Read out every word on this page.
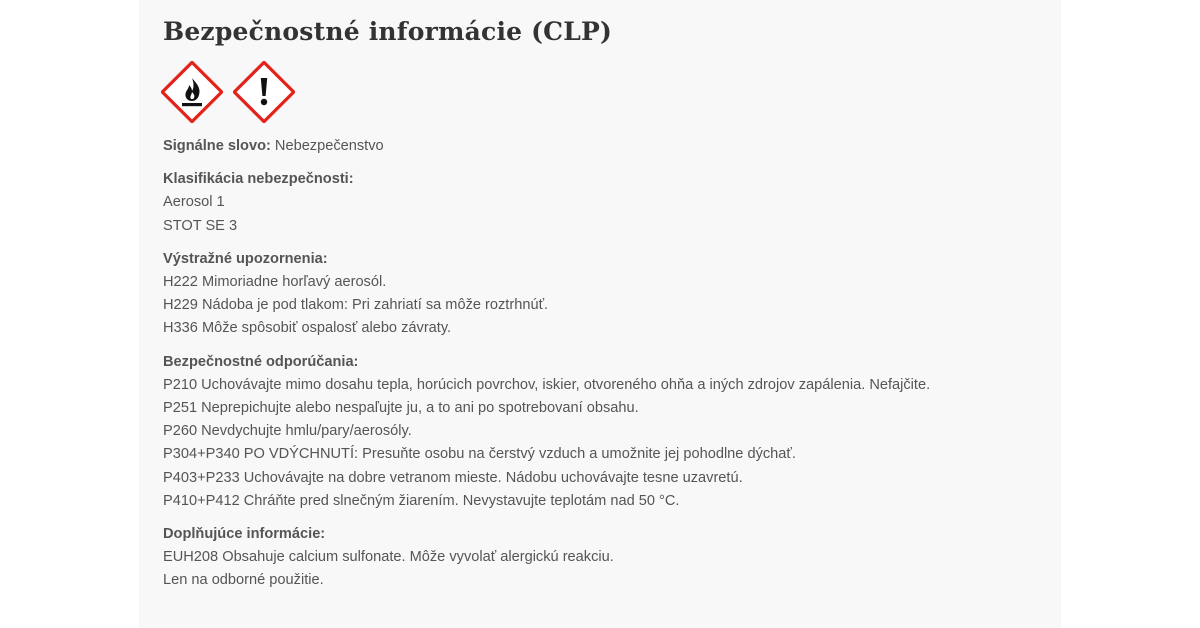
Bezpečnostné informácie (CLP)
Signálne slovo: Nebezpečenstvo
Klasifikácia nebezpečnosti:
Aerosol 1
STOT SE 3
Výstražné upozornenia:
H222 Mimoriadne horľavý aerosól.
H229 Nádoba je pod tlakom: Pri zahriatí sa môže roztrhnúť.
H336 Môže spôsobiť ospalosť alebo závraty.
Bezpečnostné odporúčania:
P210 Uchovávajte mimo dosahu tepla, horúcich povrchov, iskier, otvoreného ohňa a iných zdrojov zapálenia. Nefajčite.
P251 Neprepichujte alebo nespaľujte ju, a to ani po spotrebovaní obsahu.
P260 Nevdychujte hmlu/pary/aerosóly.
P304+P340 PO VDÝCHNUTÍ: Presuňte osobu na čerstvý vzduch a umožnite jej pohodlne dýchať.
P403+P233 Uchovávajte na dobre vetranom mieste. Nádobu uchovávajte tesne uzavretú.
P410+P412 Chráňte pred slnečným žiarením. Nevystavujte teplotám nad 50 °C.
Doplňujúce informácie:
EUH208 Obsahuje calcium sulfonate. Môže vyvolať alergickú reakciu.
Len na odborné použitie.
